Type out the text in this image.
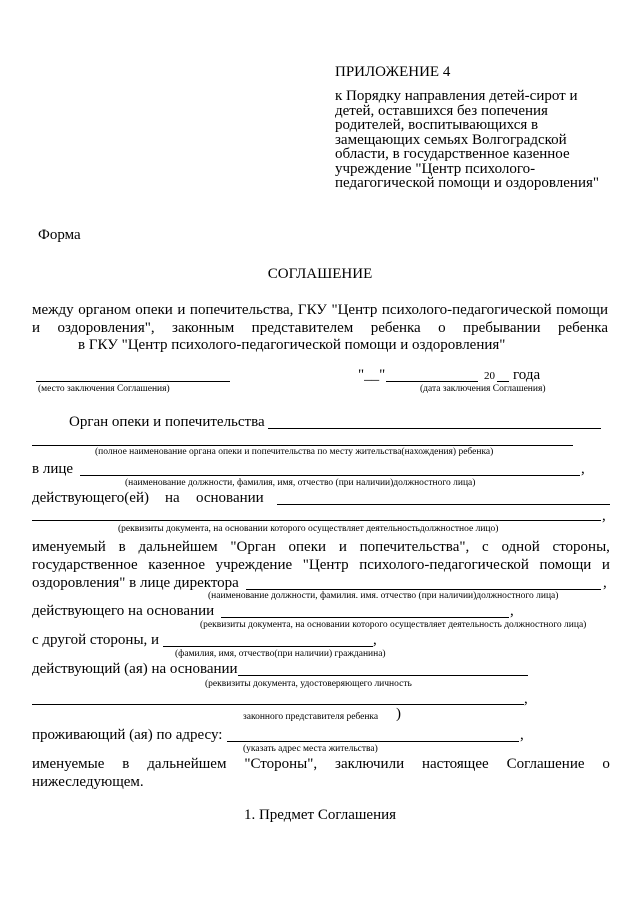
ПРИЛОЖЕНИЕ 4
к Порядку направления детей-сирот и
детей, оставшихся без попечения
родителей, воспитывающихся в
замещающих семьях Волгоградской
области, в государственное казенное
учреждение "Центр психолого-
педагогической помощи и оздоровления"
Форма
СОГЛАШЕНИЕ
между органом опеки и попечительства, ГКУ "Центр психолого-педагогической помощи
и оздоровления", законным представителем ребенка о пребывании ребенка
в ГКУ "Центр психолого-педагогической помощи и оздоровления"
(место заключения Соглашения)
"__"	20 года
(дата заключения Соглашения)
Орган опеки и попечительства
(полное наименование органа опеки и попечительства по месту жительства(нахождения) ребенка)
в лице	,
(наименование должности, фамилия, имя, отчество (при наличии)должностного лица)
действующего(ей) на основании
,
(реквизиты документа, на основании которого осуществляет деятельностьдолжностное лицо)
именуемый в дальнейшем "Орган опеки и попечительства", с одной стороны,
государственное казенное учреждение "Центр психолого-педагогической помощи и
оздоровления" в лице директора	,
(наименование должности, фамилия. имя. отчество (при наличии)должностного лица)
действующего на основании	,
(реквизиты документа, на основании которого осуществляет деятельность должностного лица)
с другой стороны, и	,
(фамилия, имя, отчество(при наличии) гражданина)
действующий (ая) на основании
(реквизиты документа, удостоверяющего личность
,
законного представителя ребенка )
проживающий (ая) по адресу:	,
(указать адрес места жительства)
именуемые в дальнейшем "Стороны", заключили настоящее Соглашение о
нижеследующем.
1. Предмет Соглашения
